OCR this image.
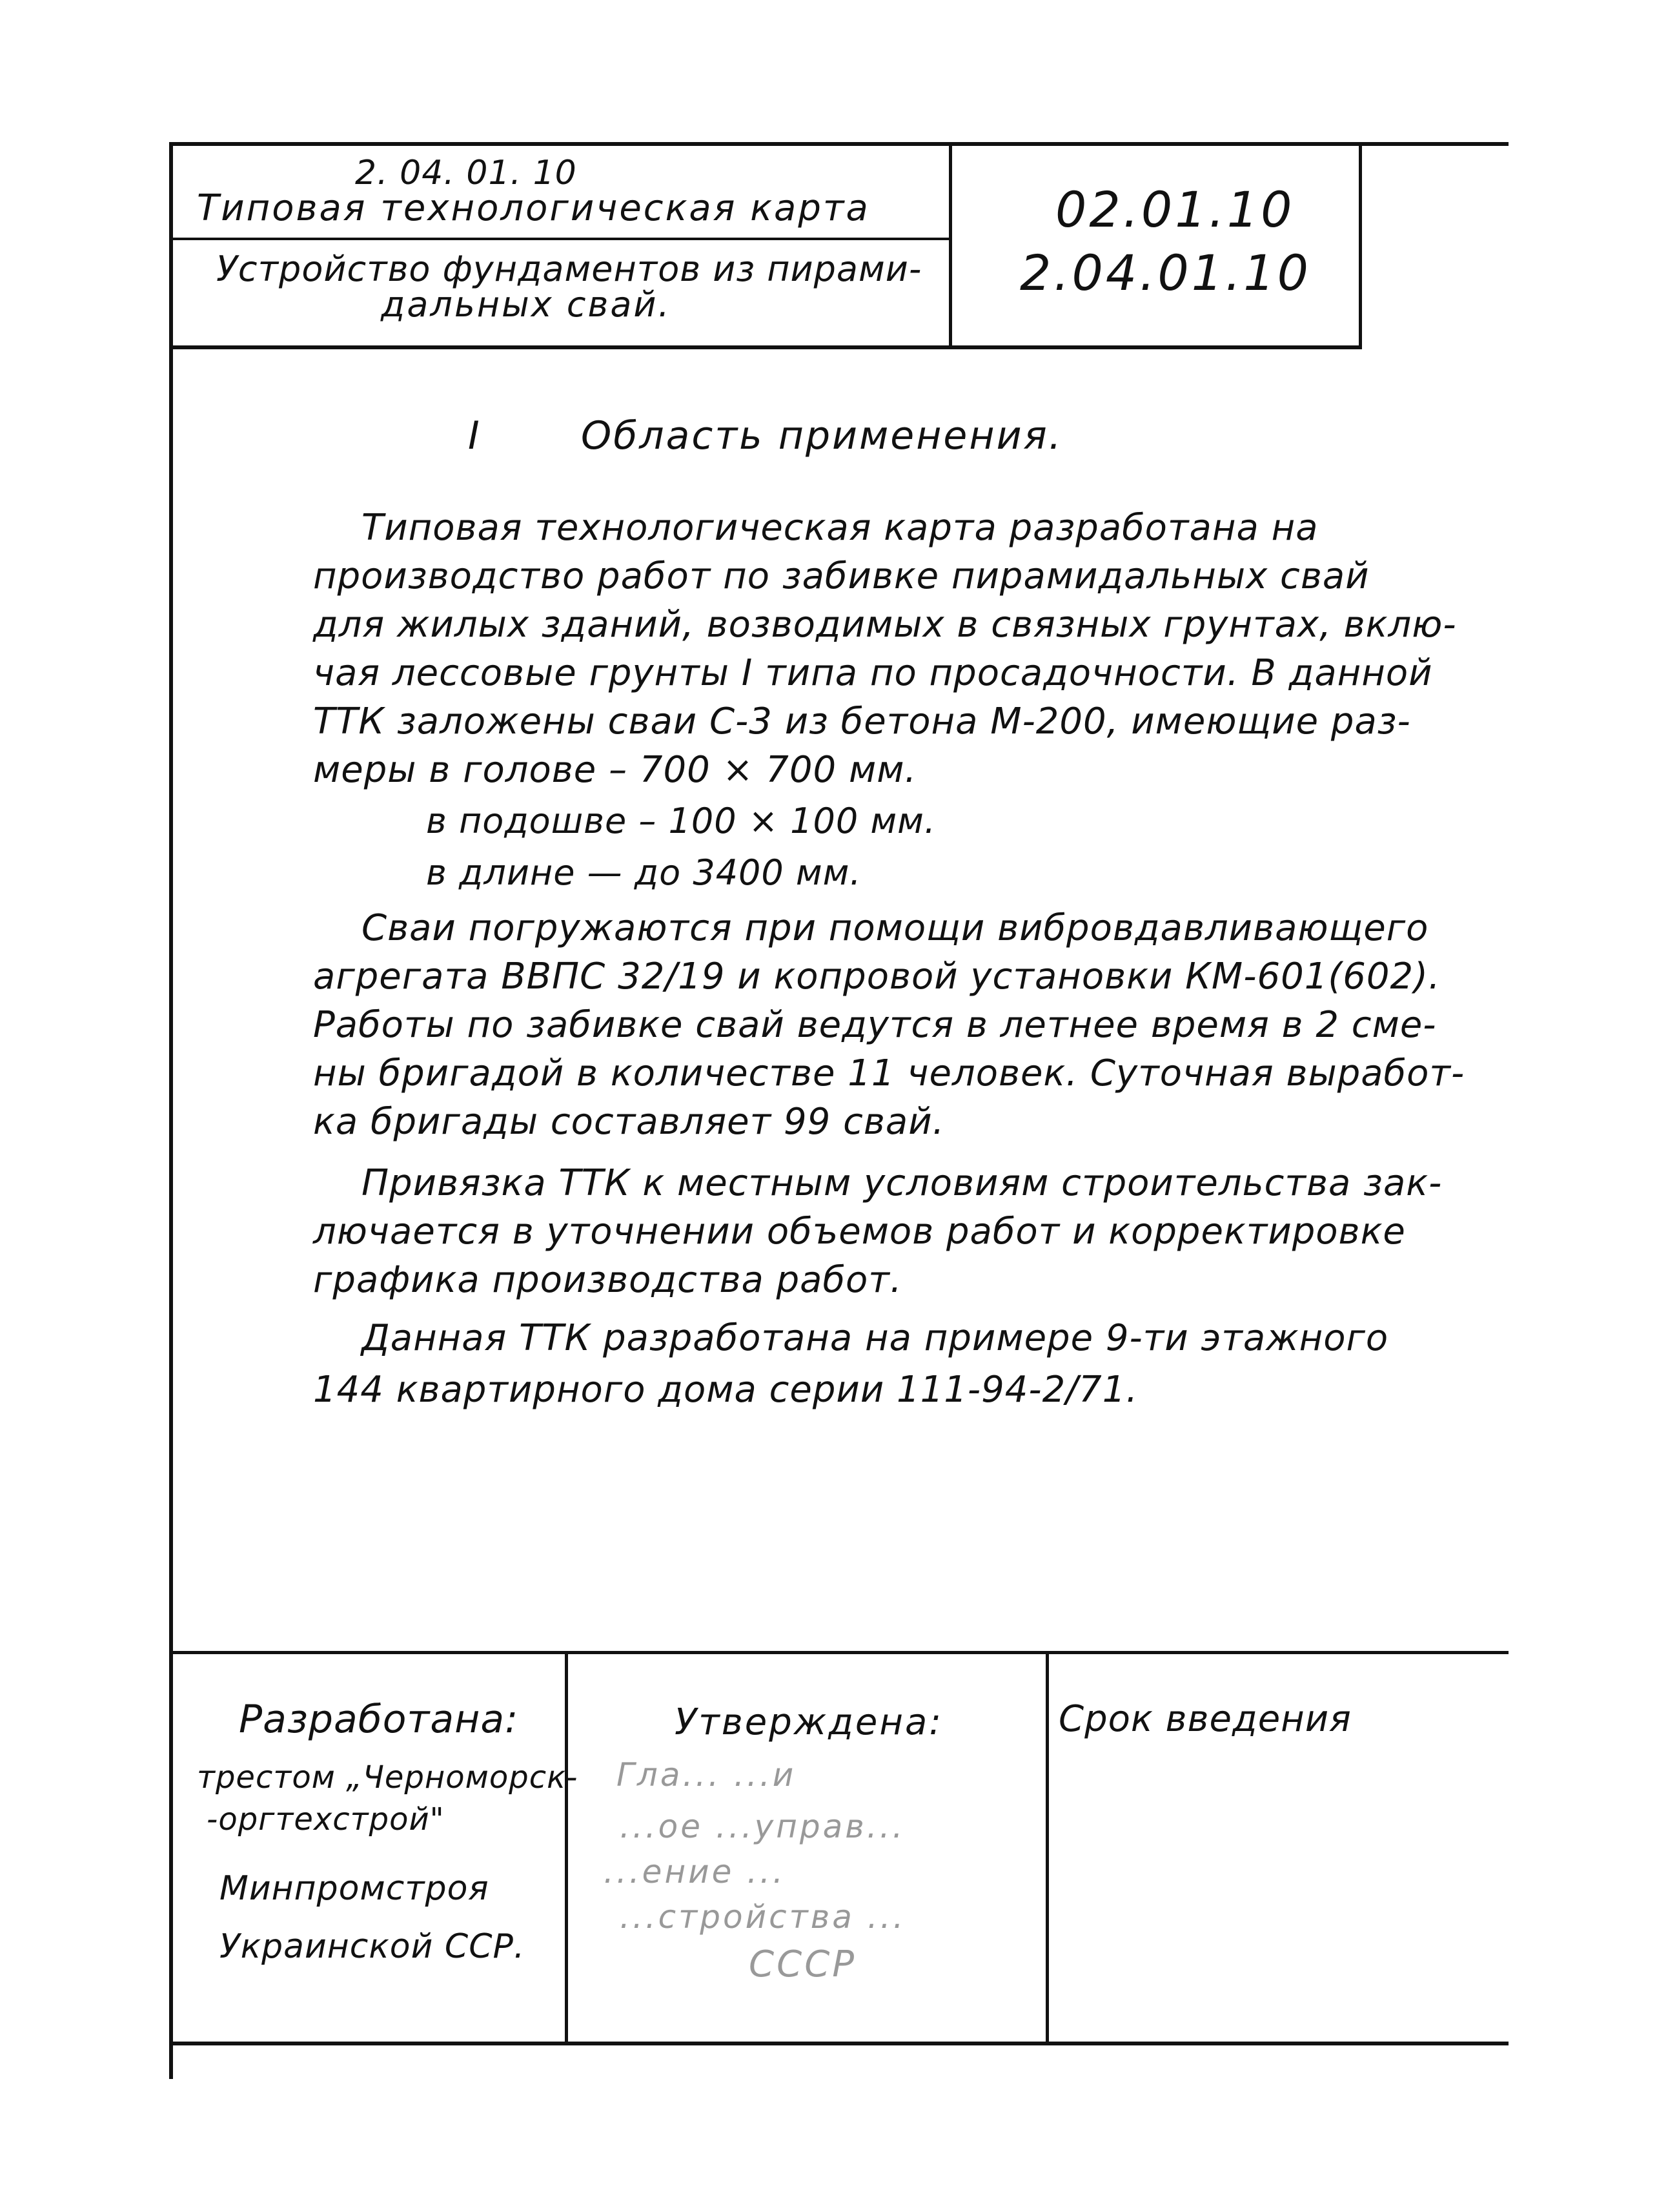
2. 04. 01. 10
Типовая технологическая карта
Устройство фундаментов из пирами-
дальных свай.
02.01.10
2.04.01.10
I	Область применения.
Типовая технологическая карта разработана на
производство работ по забивке пирамидальных свай
для жилых зданий, возводимых в связных грунтах, вклю-
чая лессовые грунты I типа по просадочности. В данной
ТТК заложены сваи С-3 из бетона М-200, имеющие раз-
меры в голове – 700 × 700 мм.
в подошве – 100 × 100 мм.
в длине — до 3400 мм.
Сваи погружаются при помощи вибровдавливающего
агрегата ВВПС 32/19 и копровой установки КМ-601(602).
Работы по забивке свай ведутся в летнее время в 2 сме-
ны бригадой в количестве 11 человек. Суточная выработ-
ка бригады составляет 99 свай.
Привязка ТТК к местным условиям строительства зак-
лючается в уточнении объемов работ и корректировке
графика производства работ.
Данная ТТК разработана на примере 9-ти этажного
144 квартирного дома серии 111-94-2/71.
Разработана:
трестом „Черноморск-
-оргтехстрой"
Минпромстроя
Украинской ССР.
Утверждена:
Гла... ...и
...ое ...управ...
...ение ...
...стройства ...
СССР
Срок введения
